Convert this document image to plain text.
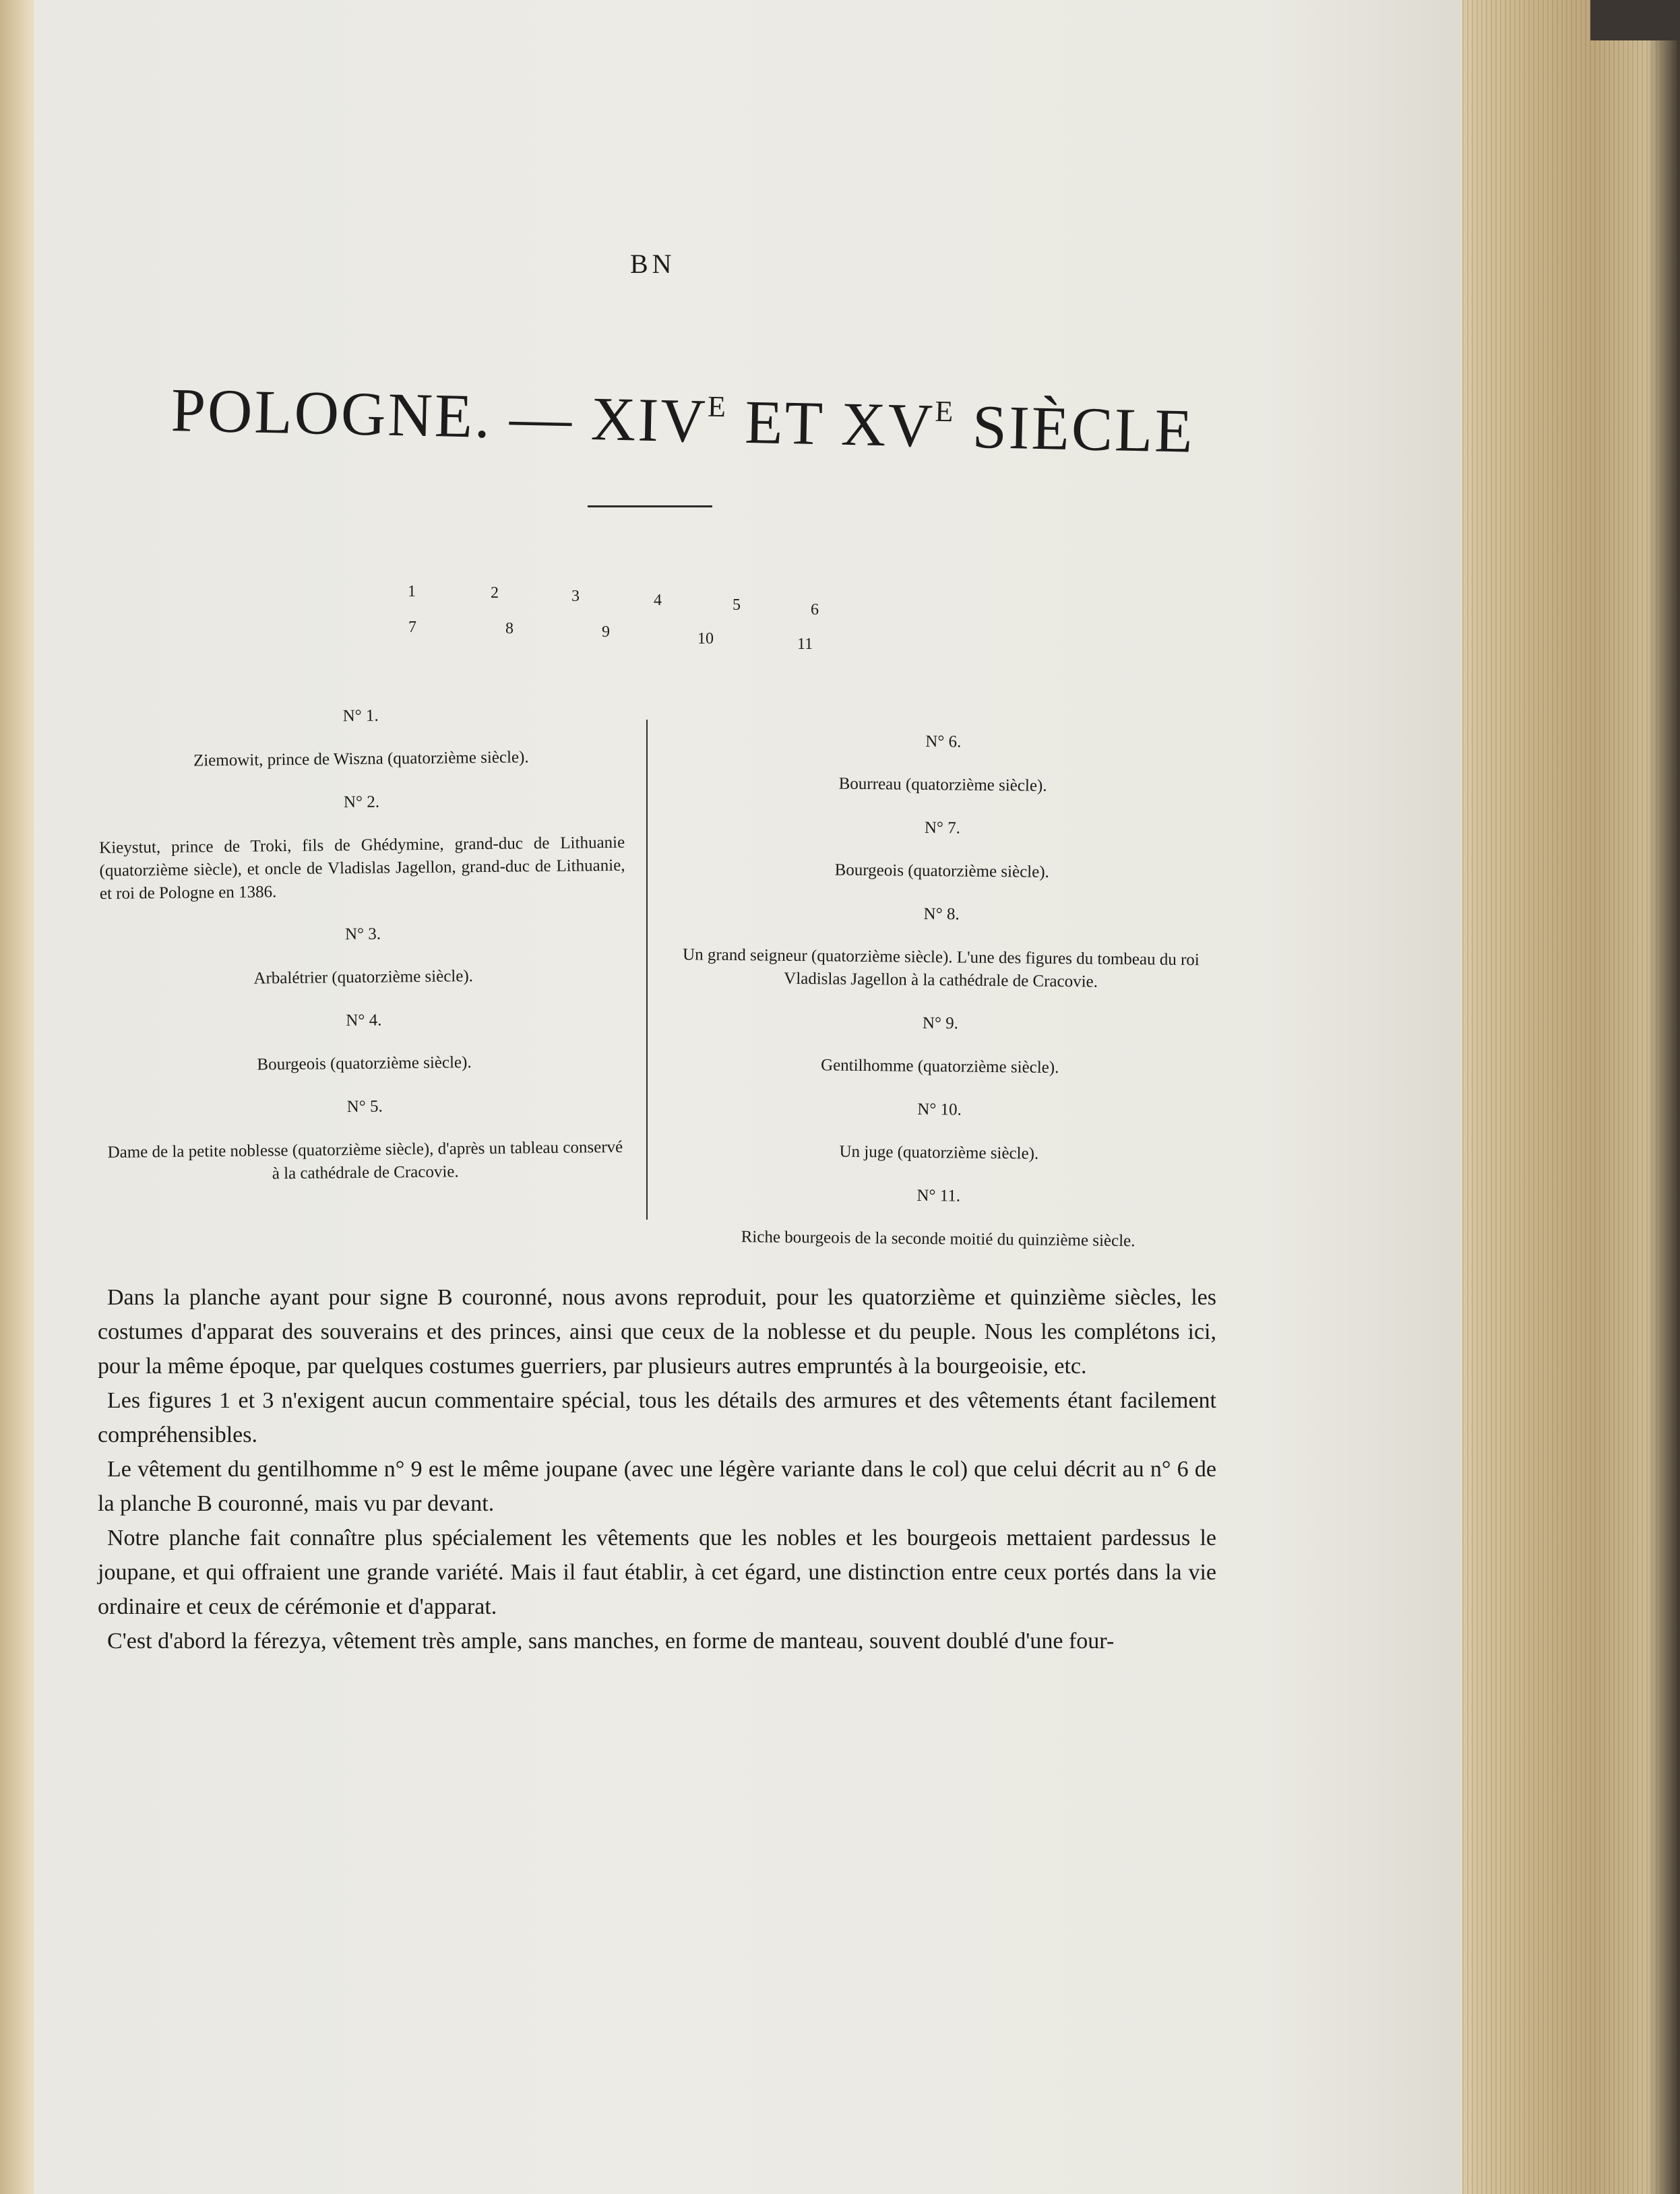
BN
POLOGNE. — $XIV^E$ ET $XV^E$ SIÈCLE
1	2	3	4	5	6
7	8	9	10	11
N° 1.
Ziemowit, prince de Wiszna (quatorzième siècle).
N° 2.
Kieystut, prince de Troki, fils de Ghédymine, grand-duc de Lithuanie (quatorzième siècle), et oncle de Vladislas Jagellon, grand-duc de Lithuanie, et roi de Pologne en 1386.
N° 3.
Arbalétrier (quatorzième siècle).
N° 4.
Bourgeois (quatorzième siècle).
N° 5.
Dame de la petite noblesse (quatorzième siècle), d'après un tableau conservé à la cathédrale de Cracovie.
N° 6.
Bourreau (quatorzième siècle).
N° 7.
Bourgeois (quatorzième siècle).
N° 8.
Un grand seigneur (quatorzième siècle). L'une des figures du tombeau du roi Vladislas Jagellon à la cathédrale de Cracovie.
N° 9.
Gentilhomme (quatorzième siècle).
N° 10.
Un juge (quatorzième siècle).
N° 11.
Riche bourgeois de la seconde moitié du quinzième siècle.

Dans la planche ayant pour signe B couronné, nous avons reproduit, pour les quatorzième et quinzième siècles, les costumes d'apparat des souverains et des princes, ainsi que ceux de la noblesse et du peuple. Nous les complétons ici, pour la même époque, par quelques costumes guerriers, par plusieurs autres empruntés à la bourgeoisie, etc.

Les figures 1 et 3 n'exigent aucun commentaire spécial, tous les détails des armures et des vêtements étant facilement compréhensibles.

Le vêtement du gentilhomme n° 9 est le même joupane (avec une légère variante dans le col) que celui décrit au n° 6 de la planche B couronné, mais vu par devant.

Notre planche fait connaître plus spécialement les vêtements que les nobles et les bourgeois mettaient pardessus le joupane, et qui offraient une grande variété. Mais il faut établir, à cet égard, une distinction entre ceux portés dans la vie ordinaire et ceux de cérémonie et d'apparat.

C'est d'abord la férezya, vêtement très ample, sans manches, en forme de manteau, souvent doublé d'une four-
